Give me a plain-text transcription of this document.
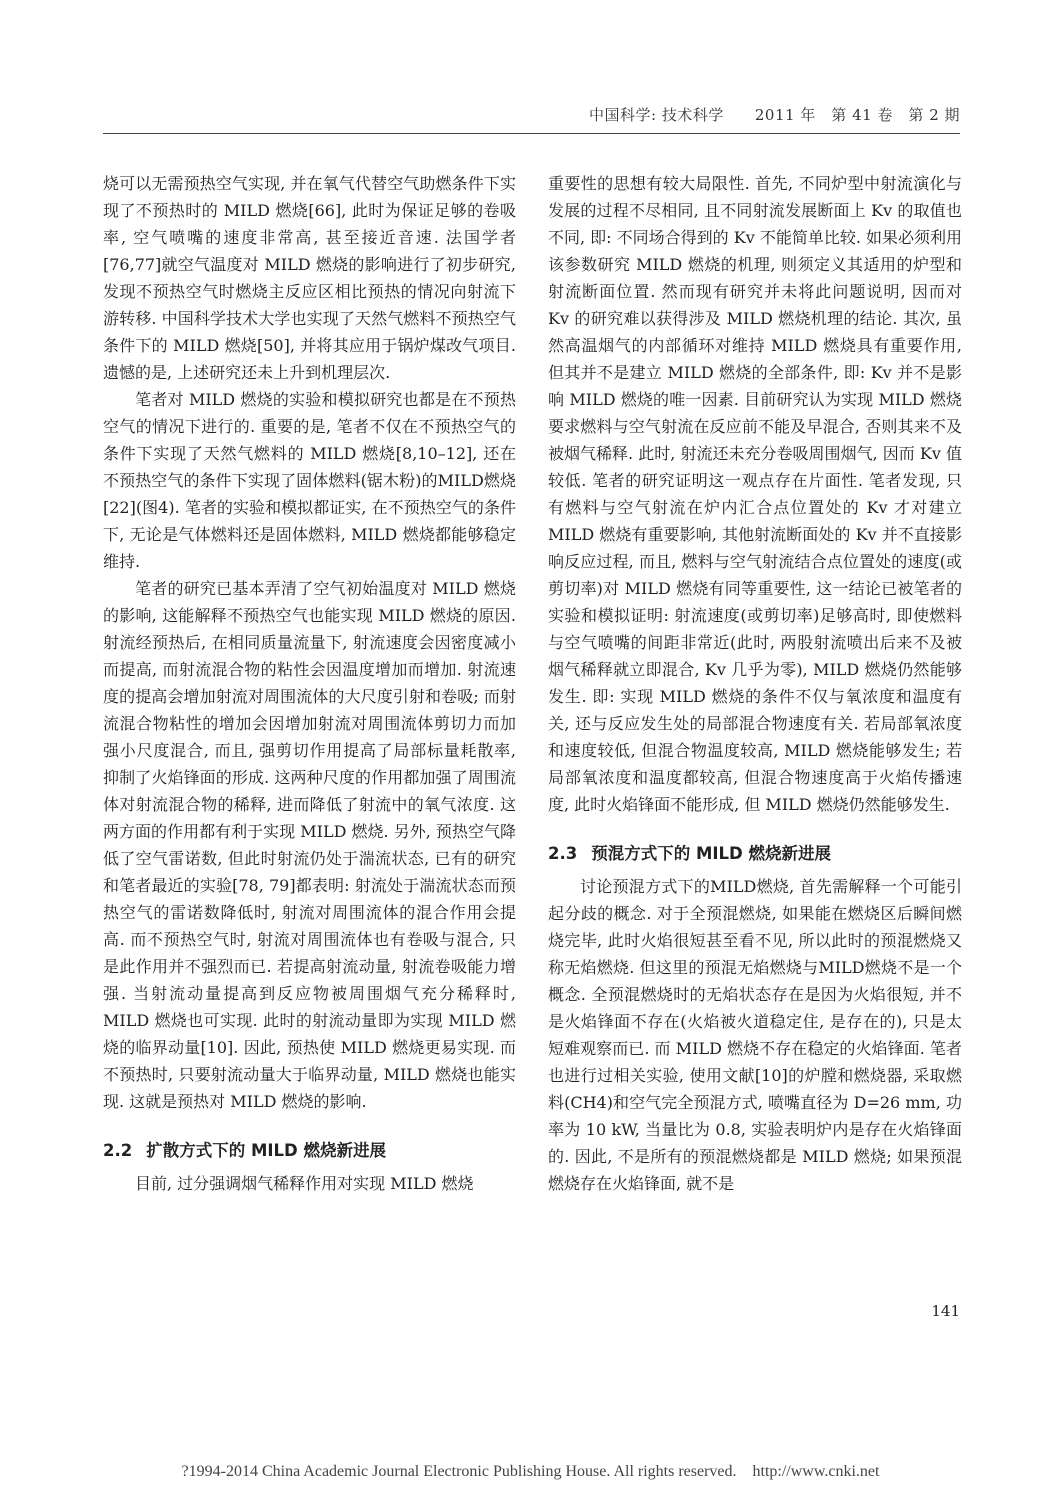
中国科学: 技术科学　　2011 年　第 41 卷　第 2 期

烧可以无需预热空气实现, 并在氧气代替空气助燃条件下实现了不预热时的 MILD 燃烧[66], 此时为保证足够的卷吸率, 空气喷嘴的速度非常高, 甚至接近音速. 法国学者[76,77]就空气温度对 MILD 燃烧的影响进行了初步研究, 发现不预热空气时燃烧主反应区相比预热的情况向射流下游转移. 中国科学技术大学也实现了天然气燃料不预热空气条件下的 MILD 燃烧[50], 并将其应用于锅炉煤改气项目. 遗憾的是, 上述研究还未上升到机理层次.

笔者对 MILD 燃烧的实验和模拟研究也都是在不预热空气的情况下进行的. 重要的是, 笔者不仅在不预热空气的条件下实现了天然气燃料的 MILD 燃烧[8,10–12], 还在不预热空气的条件下实现了固体燃料(锯木粉)的MILD燃烧[22](图4). 笔者的实验和模拟都证实, 在不预热空气的条件下, 无论是气体燃料还是固体燃料, MILD 燃烧都能够稳定维持.

笔者的研究已基本弄清了空气初始温度对 MILD 燃烧的影响, 这能解释不预热空气也能实现 MILD 燃烧的原因. 射流经预热后, 在相同质量流量下, 射流速度会因密度减小而提高, 而射流混合物的粘性会因温度增加而增加. 射流速度的提高会增加射流对周围流体的大尺度引射和卷吸; 而射流混合物粘性的增加会因增加射流对周围流体剪切力而加强小尺度混合, 而且, 强剪切作用提高了局部标量耗散率, 抑制了火焰锋面的形成. 这两种尺度的作用都加强了周围流体对射流混合物的稀释, 进而降低了射流中的氧气浓度. 这两方面的作用都有利于实现 MILD 燃烧. 另外, 预热空气降低了空气雷诺数, 但此时射流仍处于湍流状态, 已有的研究和笔者最近的实验[78, 79]都表明: 射流处于湍流状态而预热空气的雷诺数降低时, 射流对周围流体的混合作用会提高. 而不预热空气时, 射流对周围流体也有卷吸与混合, 只是此作用并不强烈而已. 若提高射流动量, 射流卷吸能力增强. 当射流动量提高到反应物被周围烟气充分稀释时, MILD 燃烧也可实现. 此时的射流动量即为实现 MILD 燃烧的临界动量[10]. 因此, 预热使 MILD 燃烧更易实现. 而不预热时, 只要射流动量大于临界动量, MILD 燃烧也能实现. 这就是预热对 MILD 燃烧的影响.

2.2 扩散方式下的 MILD 燃烧新进展

目前, 过分强调烟气稀释作用对实现 MILD 燃烧

重要性的思想有较大局限性. 首先, 不同炉型中射流演化与发展的过程不尽相同, 且不同射流发展断面上 Kv 的取值也不同, 即: 不同场合得到的 Kv 不能简单比较. 如果必须利用该参数研究 MILD 燃烧的机理, 则须定义其适用的炉型和射流断面位置. 然而现有研究并未将此问题说明, 因而对 Kv 的研究难以获得涉及 MILD 燃烧机理的结论. 其次, 虽然高温烟气的内部循环对维持 MILD 燃烧具有重要作用, 但其并不是建立 MILD 燃烧的全部条件, 即: Kv 并不是影响 MILD 燃烧的唯一因素. 目前研究认为实现 MILD 燃烧要求燃料与空气射流在反应前不能及早混合, 否则其来不及被烟气稀释. 此时, 射流还未充分卷吸周围烟气, 因而 Kv 值较低. 笔者的研究证明这一观点存在片面性. 笔者发现, 只有燃料与空气射流在炉内汇合点位置处的 Kv 才对建立 MILD 燃烧有重要影响, 其他射流断面处的 Kv 并不直接影响反应过程, 而且, 燃料与空气射流结合点位置处的速度(或剪切率)对 MILD 燃烧有同等重要性, 这一结论已被笔者的实验和模拟证明: 射流速度(或剪切率)足够高时, 即使燃料与空气喷嘴的间距非常近(此时, 两股射流喷出后来不及被烟气稀释就立即混合, Kv 几乎为零), MILD 燃烧仍然能够发生. 即: 实现 MILD 燃烧的条件不仅与氧浓度和温度有关, 还与反应发生处的局部混合物速度有关. 若局部氧浓度和速度较低, 但混合物温度较高, MILD 燃烧能够发生; 若局部氧浓度和温度都较高, 但混合物速度高于火焰传播速度, 此时火焰锋面不能形成, 但 MILD 燃烧仍然能够发生.

2.3 预混方式下的 MILD 燃烧新进展

讨论预混方式下的MILD燃烧, 首先需解释一个可能引起分歧的概念. 对于全预混燃烧, 如果能在燃烧区后瞬间燃烧完毕, 此时火焰很短甚至看不见, 所以此时的预混燃烧又称无焰燃烧. 但这里的预混无焰燃烧与MILD燃烧不是一个概念. 全预混燃烧时的无焰状态存在是因为火焰很短, 并不是火焰锋面不存在(火焰被火道稳定住, 是存在的), 只是太短难观察而已. 而 MILD 燃烧不存在稳定的火焰锋面. 笔者也进行过相关实验, 使用文献[10]的炉膛和燃烧器, 采取燃料(CH4)和空气完全预混方式, 喷嘴直径为 D=26 mm, 功率为 10 kW, 当量比为 0.8, 实验表明炉内是存在火焰锋面的. 因此, 不是所有的预混燃烧都是 MILD 燃烧; 如果预混燃烧存在火焰锋面, 就不是

141
?1994-2014 China Academic Journal Electronic Publishing House. All rights reserved.　http://www.cnki.net
